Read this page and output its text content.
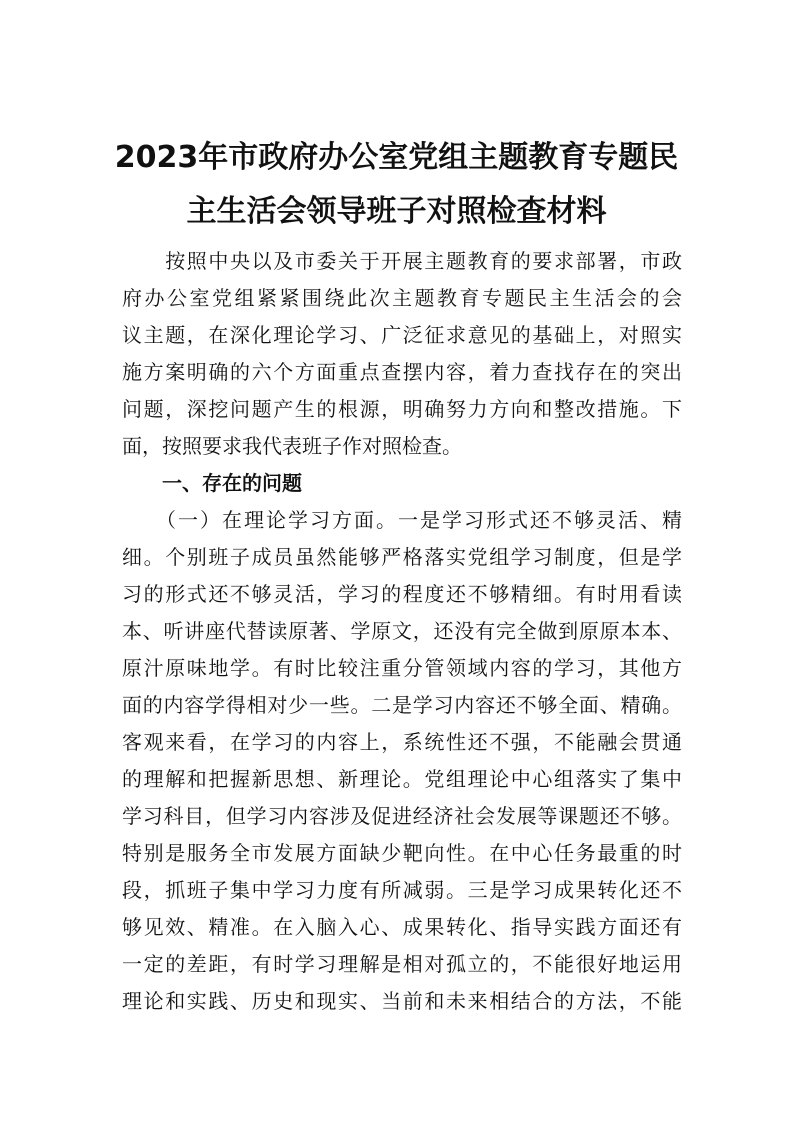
2023年市政府办公室党组主题教育专题民
主生活会领导班子对照检查材料
　　按照中央以及市委关于开展主题教育的要求部署，市政
府办公室党组紧紧围绕此次主题教育专题民主生活会的会
议主题，在深化理论学习、广泛征求意见的基础上，对照实
施方案明确的六个方面重点查摆内容，着力查找存在的突出
问题，深挖问题产生的根源，明确努力方向和整改措施。下
面，按照要求我代表班子作对照检查。
一、存在的问题
　　（一）在理论学习方面。一是学习形式还不够灵活、精
细。个别班子成员虽然能够严格落实党组学习制度，但是学
习的形式还不够灵活，学习的程度还不够精细。有时用看读
本、听讲座代替读原著、学原文，还没有完全做到原原本本、
原汁原味地学。有时比较注重分管领域内容的学习，其他方
面的内容学得相对少一些。二是学习内容还不够全面、精确。
客观来看，在学习的内容上，系统性还不强，不能融会贯通
的理解和把握新思想、新理论。党组理论中心组落实了集中
学习科目，但学习内容涉及促进经济社会发展等课题还不够。
特别是服务全市发展方面缺少靶向性。在中心任务最重的时
段，抓班子集中学习力度有所减弱。三是学习成果转化还不
够见效、精准。在入脑入心、成果转化、指导实践方面还有
一定的差距，有时学习理解是相对孤立的，不能很好地运用
理论和实践、历史和现实、当前和未来相结合的方法，不能
